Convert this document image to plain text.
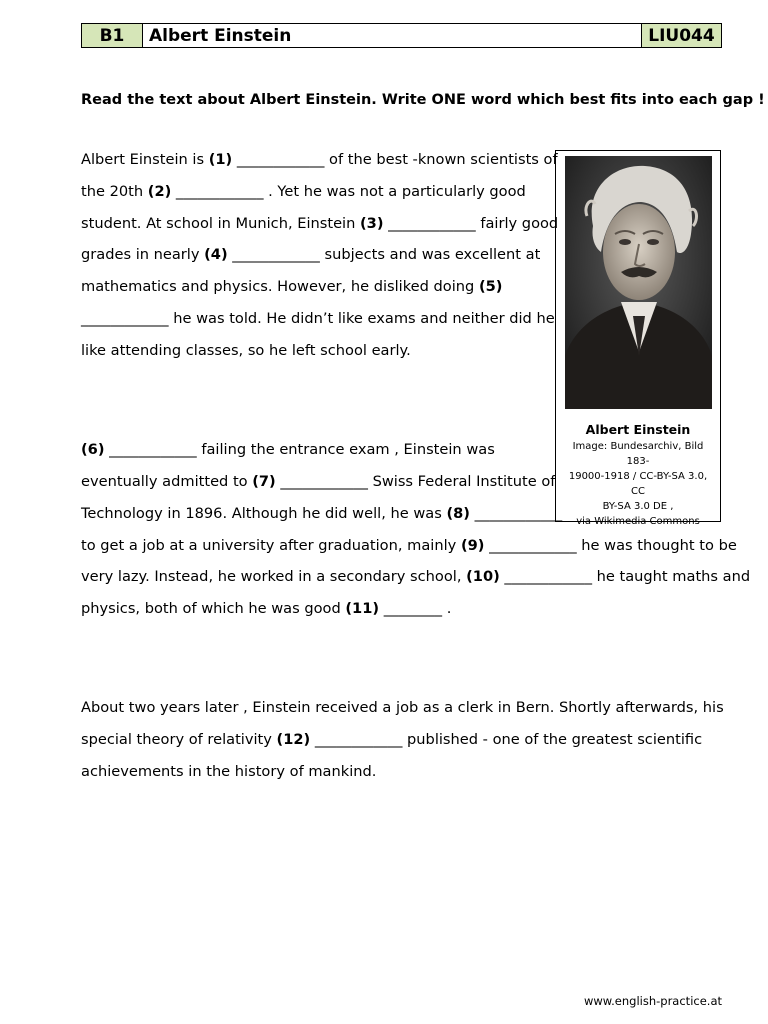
B1	Albert Einstein	LIU044
Read the text about Albert Einstein. Write ONE word which best fits into each gap !
Albert Einstein is (1) ____________ of the best -known scientists of
the 20th (2) ____________ . Yet he was not a particularly good
student. At school in Munich, Einstein (3) ____________ fairly good
grades in nearly (4) ____________ subjects and was excellent at
mathematics and physics. However, he disliked doing (5)
____________ he was told. He didn’t like exams and neither did he
like attending classes, so he left school early.
(6) ____________ failing the entrance exam , Einstein was
eventually admitted to (7) ____________ Swiss Federal Institute of
Technology in 1896. Although he did well, he was (8) ____________
to get a job at a university after graduation, mainly (9) ____________ he was thought to be
very lazy. Instead, he worked in a secondary school, (10) ____________ he taught maths and
physics, both of which he was good (11) ________ .
About two years later , Einstein received a job as a clerk in Bern. Shortly afterwards, his
special theory of relativity (12) ____________ published - one of the greatest scientific
achievements in the history of mankind.
Albert Einstein
Image: Bundesarchiv, Bild 183-
19000-1918 / CC-BY-SA 3.0, CC
BY-SA 3.0 DE ,
via Wikimedia Commons
www.english-practice.at
